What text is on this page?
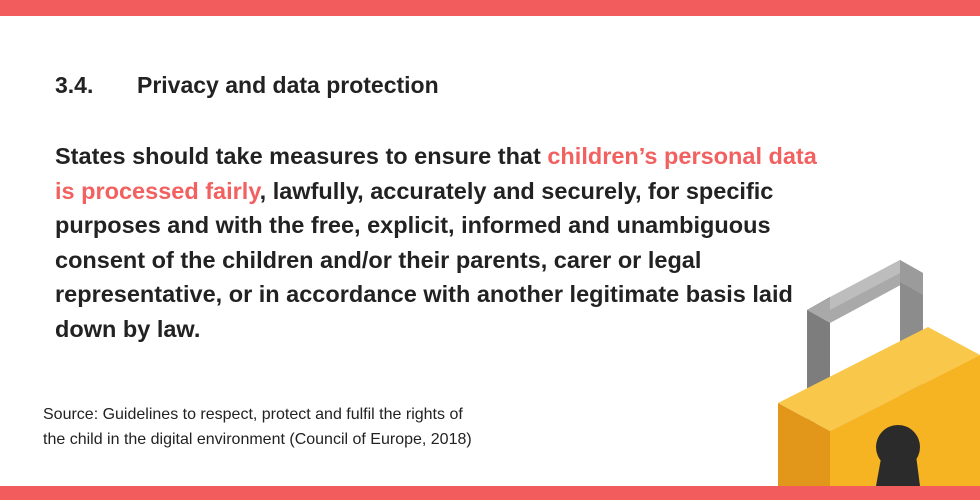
3.4. Privacy and data protection
States should take measures to ensure that children’s personal data is processed fairly, lawfully, accurately and securely, for specific purposes and with the free, explicit, informed and unambiguous consent of the children and/or their parents, carer or legal representative, or in accordance with another legitimate basis laid down by law.
Source: Guidelines to respect, protect and fulfil the rights of
the child in the digital environment (Council of Europe, 2018)
